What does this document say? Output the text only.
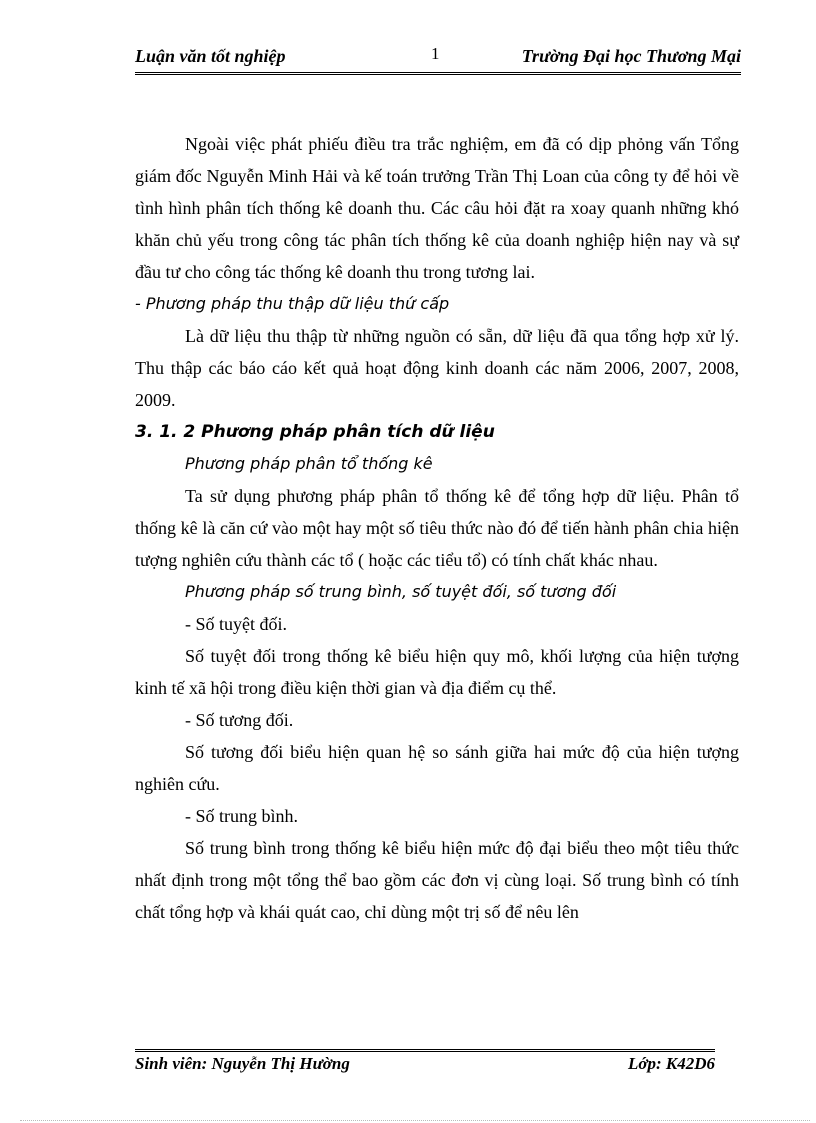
Luận văn tốt nghiệp	1	Trường Đại học Thương Mại

Ngoài việc phát phiếu điều tra trắc nghiệm, em đã có dịp phỏng vấn Tổng giám đốc Nguyễn Minh Hải và kế toán trưởng Trần Thị Loan của công ty để hỏi về tình hình phân tích thống kê doanh thu. Các câu hỏi đặt ra xoay quanh những khó khăn chủ yếu trong công tác phân tích thống kê của doanh nghiệp hiện nay và sự đầu tư cho công tác thống kê doanh thu trong tương lai.

- Phương pháp thu thập dữ liệu thứ cấp

Là dữ liệu thu thập từ những nguồn có sẵn, dữ liệu đã qua tổng hợp xử lý. Thu thập các báo cáo kết quả hoạt động kinh doanh các năm 2006, 2007, 2008, 2009.

3. 1. 2 Phương pháp phân tích dữ liệu

Phương pháp phân tổ thống kê

Ta sử dụng phương pháp phân tổ thống kê để tổng hợp dữ liệu. Phân tổ thống kê là căn cứ vào một hay một số tiêu thức nào đó để tiến hành phân chia hiện tượng nghiên cứu thành các tổ ( hoặc các tiểu tổ) có tính chất khác nhau.

Phương pháp số trung bình, số tuyệt đối, số tương đối

- Số tuyệt đối.

Số tuyệt đối trong thống kê biểu hiện quy mô, khối lượng của hiện tượng kinh tế xã hội trong điều kiện thời gian và địa điểm cụ thể.

- Số tương đối.

Số tương đối biểu hiện quan hệ so sánh giữa hai mức độ của hiện tượng nghiên cứu.

- Số trung bình.

Số trung bình trong thống kê biểu hiện mức độ đại biểu theo một tiêu thức nhất định trong một tổng thể bao gồm các đơn vị cùng loại. Số trung bình có tính chất tổng hợp và khái quát cao, chỉ dùng một trị số để nêu lên

Sinh viên: Nguyễn Thị Hường	Lớp: K42D6
